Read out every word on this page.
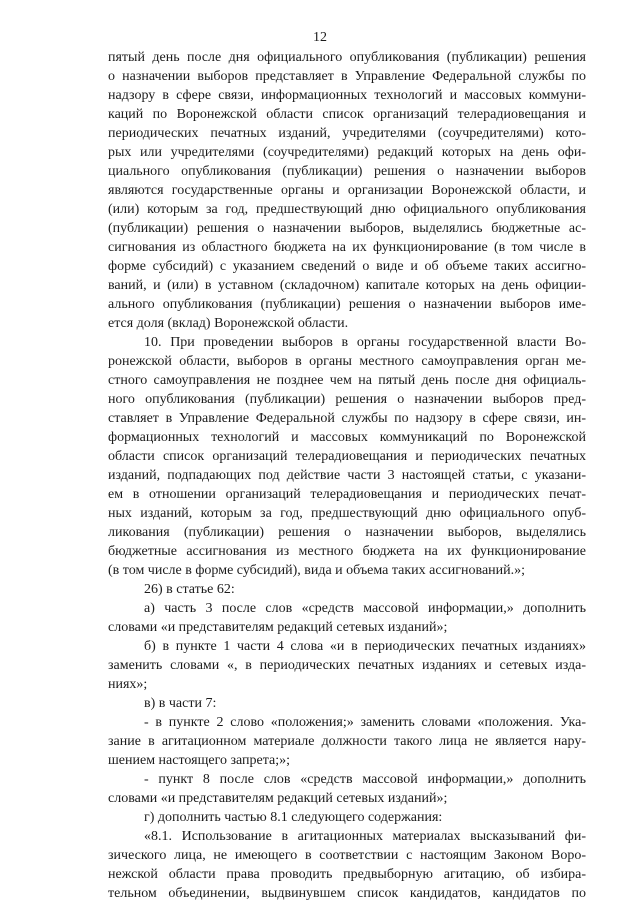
12
пятый день после дня официального опубликования (публикации) решения
о назначении выборов представляет в Управление Федеральной службы по
надзору в сфере связи, информационных технологий и массовых коммуни-
каций по Воронежской области список организаций телерадиовещания и
периодических печатных изданий, учредителями (соучредителями) кото-
рых или учредителями (соучредителями) редакций которых на день офи-
циального опубликования (публикации) решения о назначении выборов
являются государственные органы и организации Воронежской области, и
(или) которым за год, предшествующий дню официального опубликования
(публикации) решения о назначении выборов, выделялись бюджетные ас-
сигнования из областного бюджета на их функционирование (в том числе в
форме субсидий) с указанием сведений о виде и об объеме таких ассигно-
ваний, и (или) в уставном (складочном) капитале которых на день официи-
ального опубликования (публикации) решения о назначении выборов име-
ется доля (вклад) Воронежской области.
10. При проведении выборов в органы государственной власти Во-
ронежской области, выборов в органы местного самоуправления орган ме-
стного самоуправления не позднее чем на пятый день после дня официаль-
ного опубликования (публикации) решения о назначении выборов пред-
ставляет в Управление Федеральной службы по надзору в сфере связи, ин-
формационных технологий и массовых коммуникаций по Воронежской
области список организаций телерадиовещания и периодических печатных
изданий, подпадающих под действие части 3 настоящей статьи, с указани-
ем в отношении организаций телерадиовещания и периодических печат-
ных изданий, которым за год, предшествующий дню официального опуб-
ликования (публикации) решения о назначении выборов, выделялись
бюджетные ассигнования из местного бюджета на их функционирование
(в том числе в форме субсидий), вида и объема таких ассигнований.»;
26) в статье 62:
а) часть 3 после слов «средств массовой информации,» дополнить
словами «и представителям редакций сетевых изданий»;
б) в пункте 1 части 4 слова «и в периодических печатных изданиях»
заменить словами «, в периодических печатных изданиях и сетевых изда-
ниях»;
в) в части 7:
- в пункте 2 слово «положения;» заменить словами «положения. Ука-
зание в агитационном материале должности такого лица не является нару-
шением настоящего запрета;»;
- пункт 8 после слов «средств массовой информации,» дополнить
словами «и представителям редакций сетевых изданий»;
г) дополнить частью 8.1 следующего содержания:
«8.1. Использование в агитационных материалах высказываний фи-
зического лица, не имеющего в соответствии с настоящим Законом Воро-
нежской области права проводить предвыборную агитацию, об избира-
тельном объединении, выдвинувшем список кандидатов, кандидатов по
